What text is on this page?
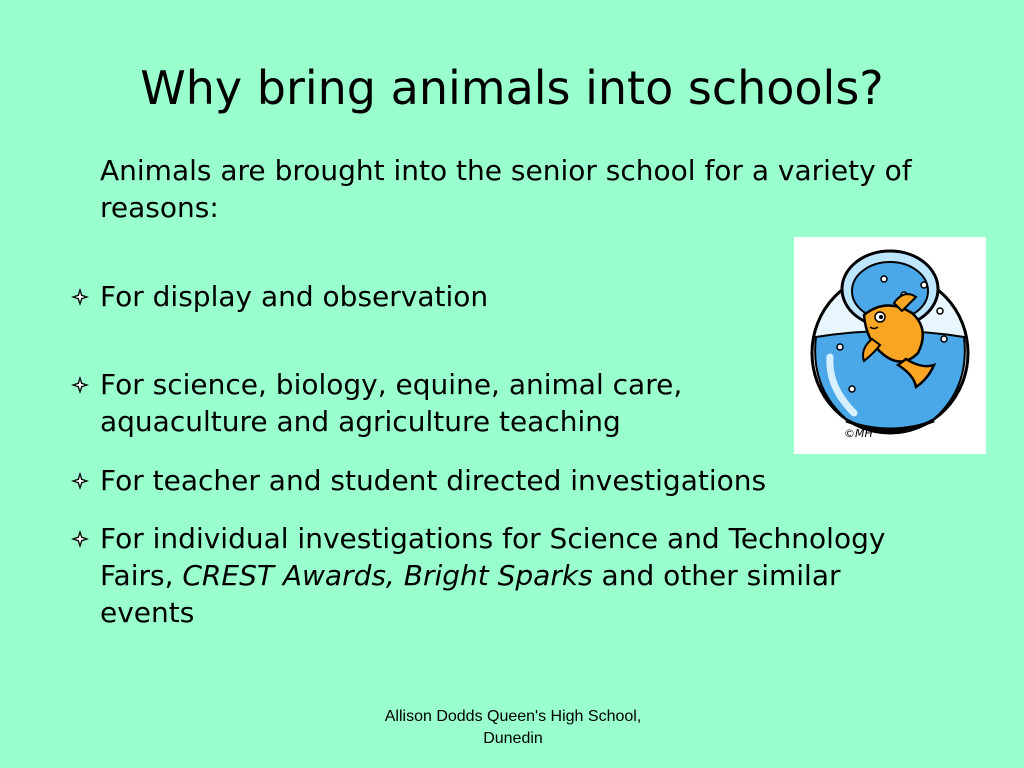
Why bring animals into schools?

Animals are brought into the senior school for a variety of reasons:

For display and observation
For science, biology, equine, animal care, aquaculture and agriculture teaching
For teacher and student directed investigations
For individual investigations for Science and Technology Fairs, CREST Awards, Bright Sparks and other similar events
©MH
Allison Dodds Queen's High School, Dunedin
